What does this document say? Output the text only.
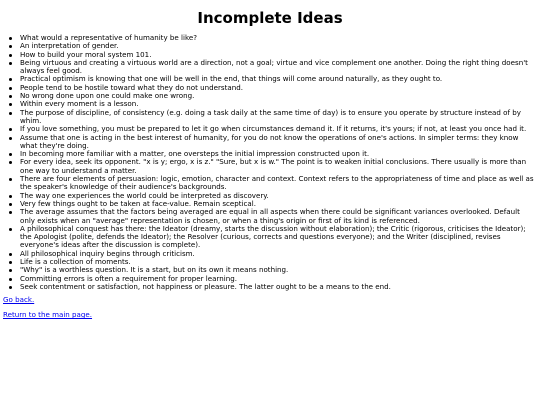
Incomplete Ideas
What would a representative of humanity be like?
An interpretation of gender.
How to build your moral system 101.
Being virtuous and creating a virtuous world are a direction, not a goal; virtue and vice complement one another. Doing the right thing doesn't always feel good.
Practical optimism is knowing that one will be well in the end, that things will come around naturally, as they ought to.
People tend to be hostile toward what they do not understand.
No wrong done upon one could make one wrong.
Within every moment is a lesson.
The purpose of discipline, of consistency (e.g. doing a task daily at the same time of day) is to ensure you operate by structure instead of by whim.
If you love something, you must be prepared to let it go when circumstances demand it. If it returns, it's yours; if not, at least you once had it.
Assume that one is acting in the best interest of humanity, for you do not know the operations of one's actions. In simpler terms: they know what they're doing.
In becoming more familiar with a matter, one oversteps the initial impression constructed upon it.
For every idea, seek its opponent. "x is y; ergo, x is z." "Sure, but x is w." The point is to weaken initial conclusions. There usually is more than one way to understand a matter.
There are four elements of persuasion: logic, emotion, character and context. Context refers to the appropriateness of time and place as well as the speaker's knowledge of their audience's backgrounds.
The way one experiences the world could be interpreted as discovery.
Very few things ought to be taken at face-value. Remain sceptical.
The average assumes that the factors being averaged are equal in all aspects when there could be significant variances overlooked. Default only exists when an "average" representation is chosen, or when a thing's origin or first of its kind is referenced.
A philosophical conquest has there: the Ideator (dreamy, starts the discussion without elaboration); the Critic (rigorous, criticises the Ideator); the Apologist (polite, defends the Ideator); the Resolver (curious, corrects and questions everyone); and the Writer (disciplined, revises everyone's ideas after the discussion is complete).
All philosophical inquiry begins through criticism.
Life is a collection of moments.
"Why" is a worthless question. It is a start, but on its own it means nothing.
Committing errors is often a requirement for proper learning.
Seek contentment or satisfaction, not happiness or pleasure. The latter ought to be a means to the end.
Go back.
Return to the main page.
